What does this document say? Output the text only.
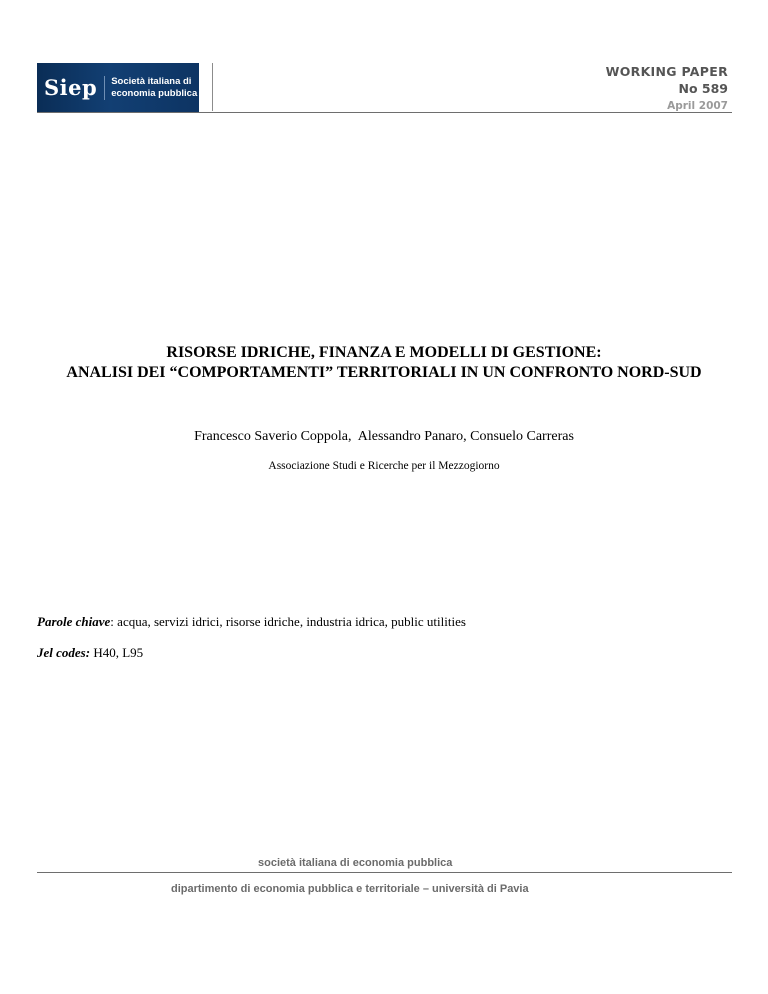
Siep	Società italiana di
economia pubblica
WORKING PAPER
No 589
April 2007
RISORSE IDRICHE, FINANZA E MODELLI DI GESTIONE:
ANALISI DEI “COMPORTAMENTI” TERRITORIALI IN UN CONFRONTO NORD-SUD
Francesco Saverio Coppola,  Alessandro Panaro, Consuelo Carreras
Associazione Studi e Ricerche per il Mezzogiorno
Parole chiave: acqua, servizi idrici, risorse idriche, industria idrica, public utilities
Jel codes: H40, L95
società italiana di economia pubblica
dipartimento di economia pubblica e territoriale – università di Pavia
